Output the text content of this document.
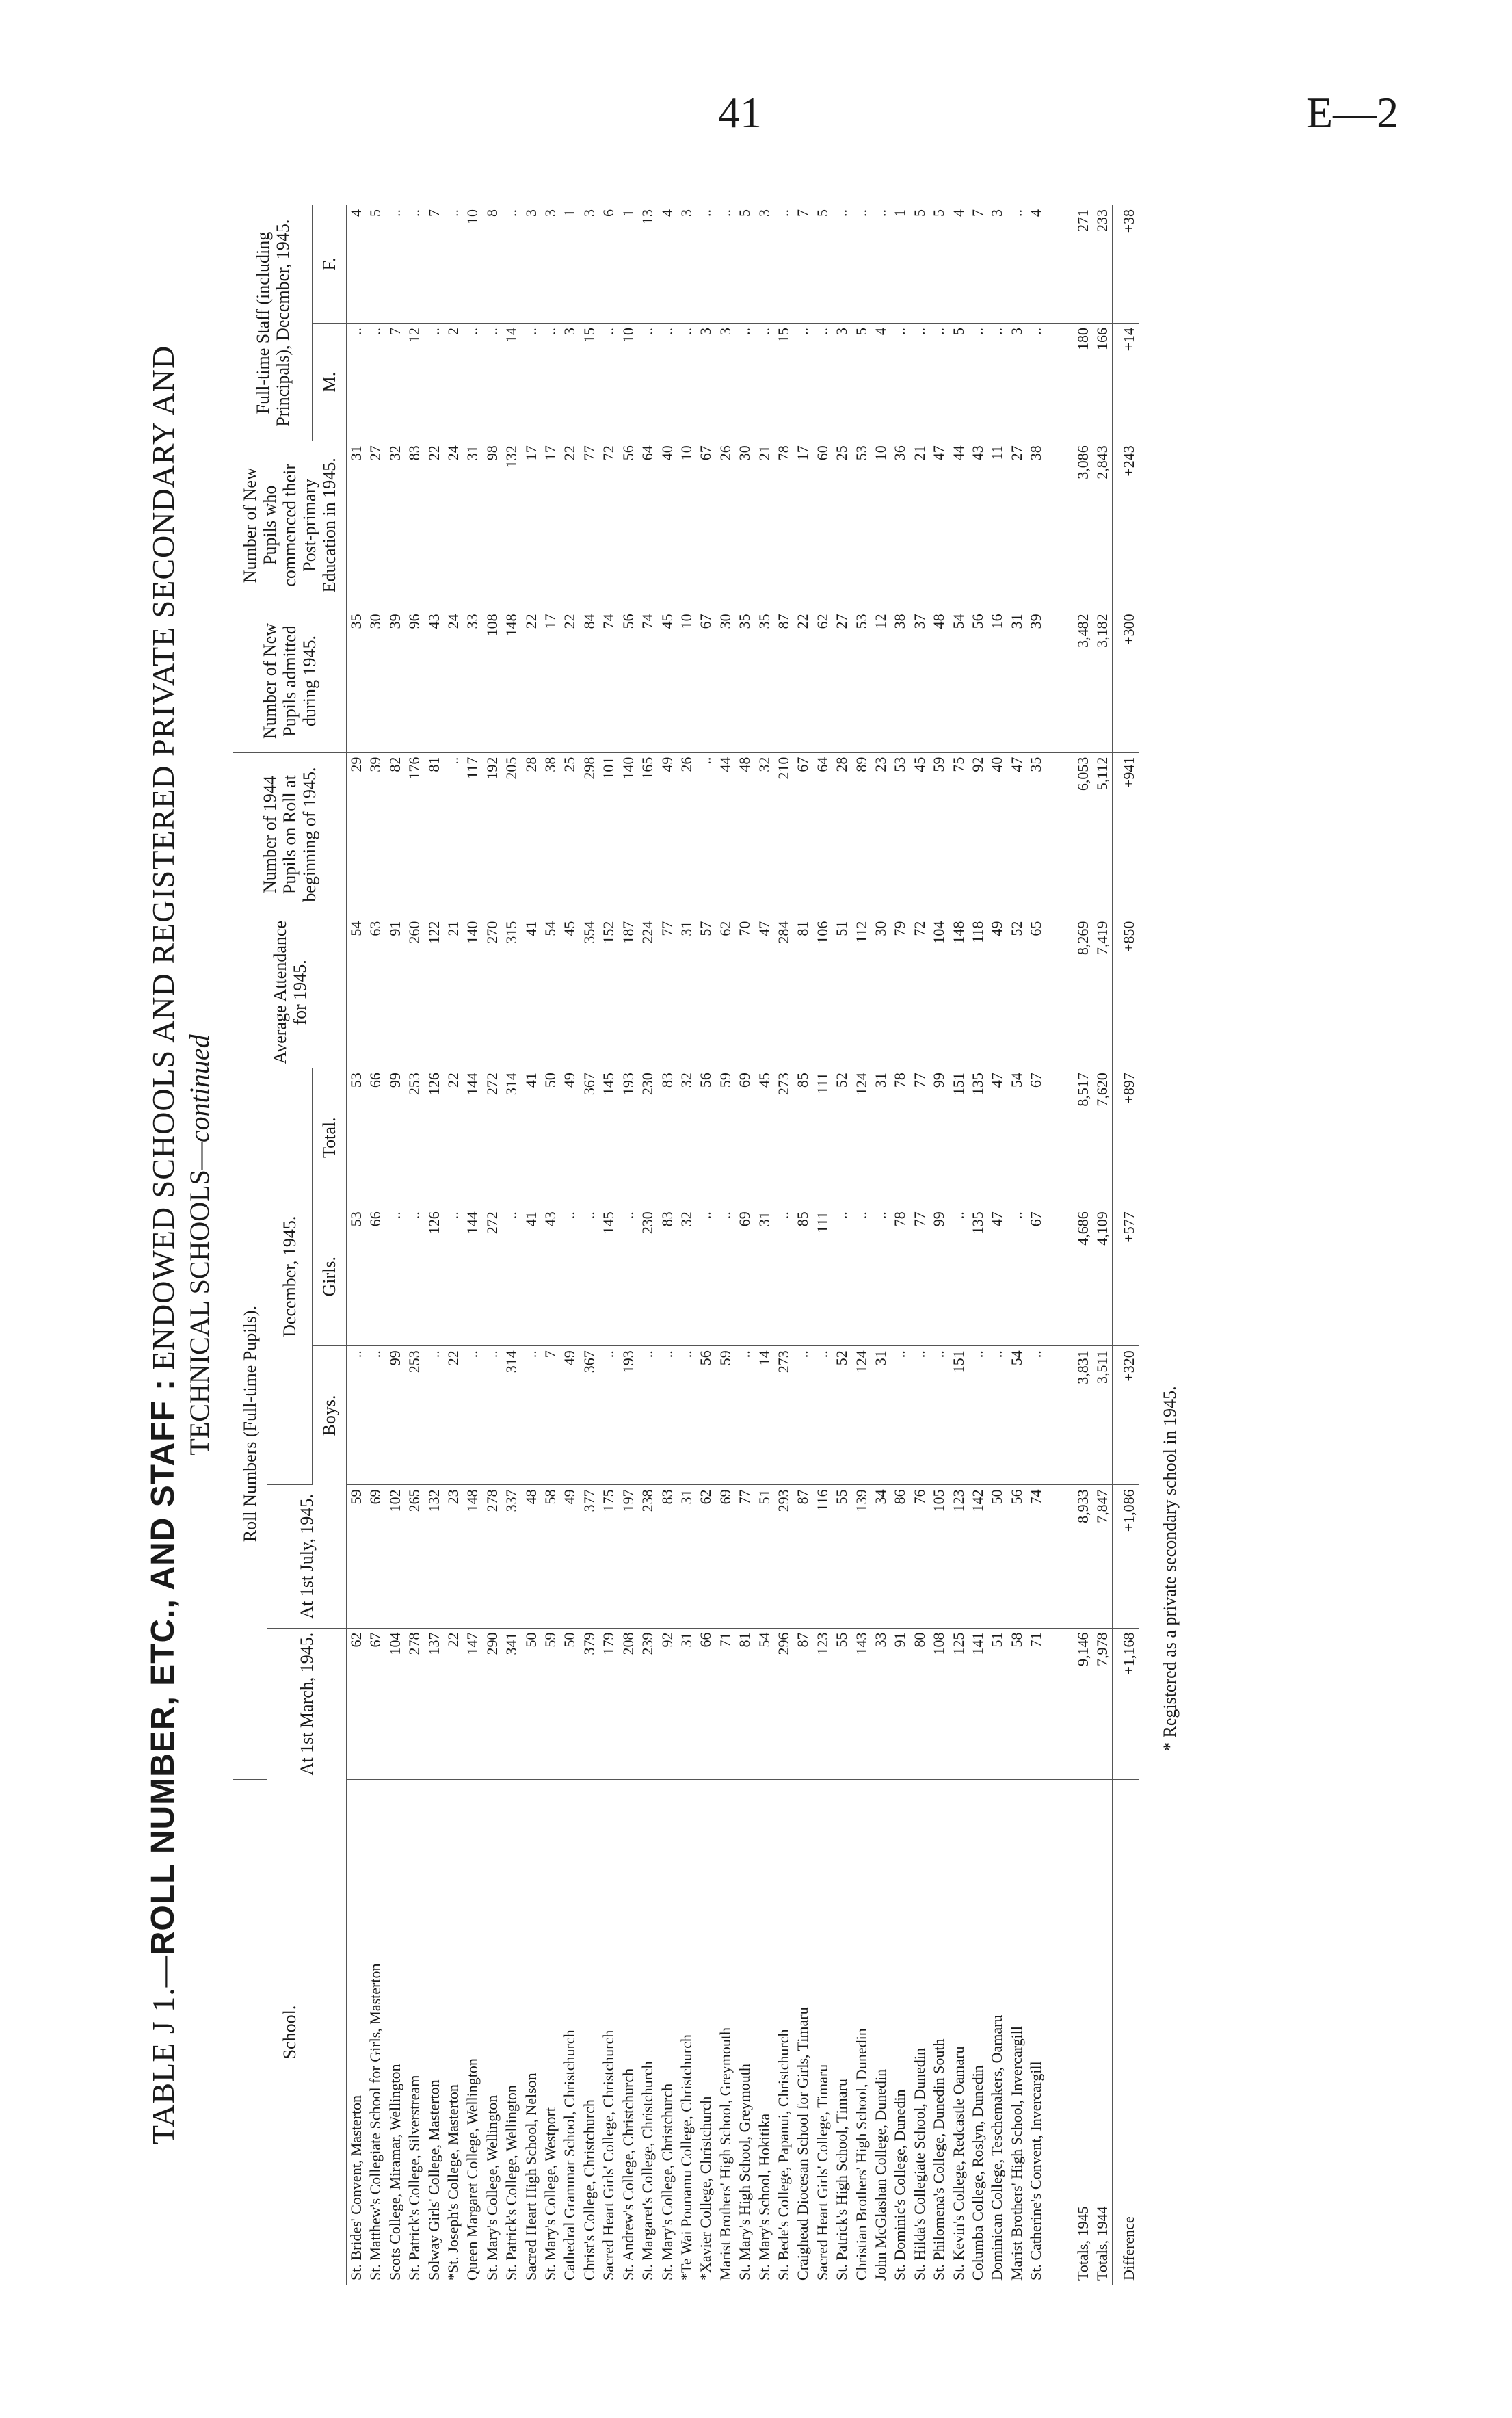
41	E—2
TABLE J 1.—ROLL NUMBER, ETC., AND STAFF : ENDOWED SCHOOLS AND REGISTERED PRIVATE SECONDARY AND TECHNICAL SCHOOLS—continued
School.	Roll Numbers (Full-time Pupils).					Average Attendance for 1945.	Number of 1944 Pupils on Roll at beginning of 1945.	Number of New Pupils admitted during 1945.	Number of New Pupils who commenced their Post-primary Education in 1945.	Full-time Staff (including Principals), December, 1945.	
	At 1st March, 1945.	At 1st July, 1945.	December, 1945.								
			Boys.	Girls.	Total.					M.	F.
St. Brides' Convent, Masterton	62	59	..	53	53	54	29	35	31	..	4
St. Matthew's Collegiate School for Girls, Masterton	67	69	..	66	66	63	39	30	27	..	5
Scots College, Miramar, Wellington	104	102	99	..	99	91	82	39	32	7	..
St. Patrick's College, Silverstream	278	265	253	..	253	260	176	96	83	12	..
Solway Girls' College, Masterton	137	132	..	126	126	122	81	43	22	..	7
*St. Joseph's College, Masterton	22	23	22	..	22	21	..	24	24	2	..
Queen Margaret College, Wellington	147	148	..	144	144	140	117	33	31	..	10
St. Mary's College, Wellington	290	278	..	272	272	270	192	108	98	..	8
St. Patrick's College, Wellington	341	337	314	..	314	315	205	148	132	14	..
Sacred Heart High School, Nelson	50	48	..	41	41	41	28	22	17	..	3
St. Mary's College, Westport	59	58	7	43	50	54	38	17	17	..	3
Cathedral Grammar School, Christchurch	50	49	49	..	49	45	25	22	22	3	1
Christ's College, Christchurch	379	377	367	..	367	354	298	84	77	15	3
Sacred Heart Girls' College, Christchurch	179	175	..	145	145	152	101	74	72	..	6
St. Andrew's College, Christchurch	208	197	193	..	193	187	140	56	56	10	1
St. Margaret's College, Christchurch	239	238	..	230	230	224	165	74	64	..	13
St. Mary's College, Christchurch	92	83	..	83	83	77	49	45	40	..	4
*Te Wai Pounamu College, Christchurch	31	31	..	32	32	31	26	10	10	..	3
*Xavier College, Christchurch	66	62	56	..	56	57	..	67	67	3	..
Marist Brothers' High School, Greymouth	71	69	59	..	59	62	44	30	26	3	..
St. Mary's High School, Greymouth	81	77	..	69	69	70	48	35	30	..	5
St. Mary's School, Hokitika	54	51	14	31	45	47	32	35	21	..	3
St. Bede's College, Papanui, Christchurch	296	293	273	..	273	284	210	87	78	15	..
Craighead Diocesan School for Girls, Timaru	87	87	..	85	85	81	67	22	17	..	7
Sacred Heart Girls' College, Timaru	123	116	..	111	111	106	64	62	60	..	5
St. Patrick's High School, Timaru	55	55	52	..	52	51	28	27	25	3	..
Christian Brothers' High School, Dunedin	143	139	124	..	124	112	89	53	53	5	..
John McGlashan College, Dunedin	33	34	31	..	31	30	23	12	10	4	..
St. Dominic's College, Dunedin	91	86	..	78	78	79	53	38	36	..	1
St. Hilda's Collegiate School, Dunedin	80	76	..	77	77	72	45	37	21	..	5
St. Philomena's College, Dunedin South	108	105	..	99	99	104	59	48	47	..	5
St. Kevin's College, Redcastle Oamaru	125	123	151	..	151	148	75	54	44	5	4
Columba College, Roslyn, Dunedin	141	142	..	135	135	118	92	56	43	..	7
Dominican College, Teschemakers, Oamaru	51	50	..	47	47	49	40	16	11	..	3
Marist Brothers' High School, Invercargill	58	56	54	..	54	52	47	31	27	3	..
St. Catherine's Convent, Invercargill	71	74	..	67	67	65	35	39	38	..	4

Totals, 1945	9,146	8,933	3,831	4,686	8,517	8,269	6,053	3,482	3,086	180	271
Totals, 1944	7,978	7,847	3,511	4,109	7,620	7,419	5,112	3,182	2,843	166	233
Difference	+1,168	+1,086	+320	+577	+897	+850	+941	+300	+243	+14	+38
* Registered as a private secondary school in 1945.
